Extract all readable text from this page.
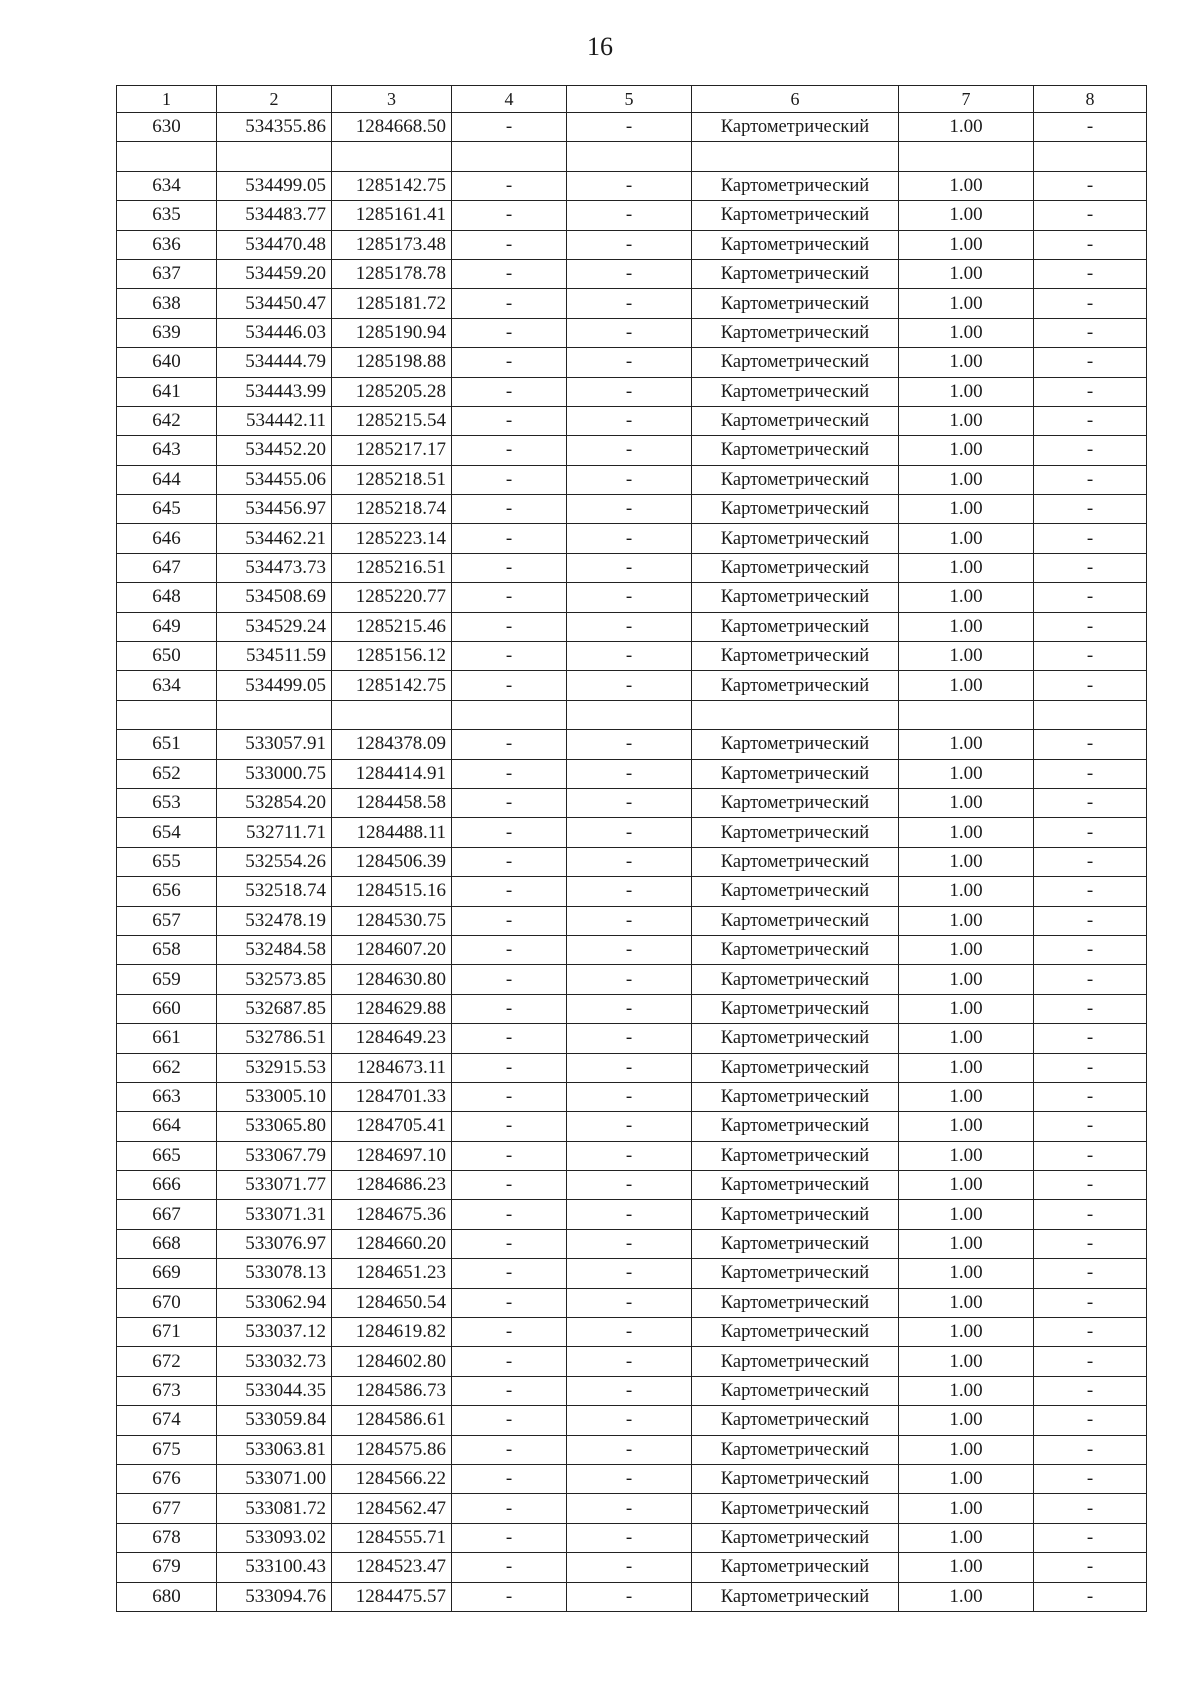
16
1	2	3	4	5	6	7	8
630	534355.86	1284668.50	-	-	Картометрический	1.00	-

634	534499.05	1285142.75	-	-	Картометрический	1.00	-
635	534483.77	1285161.41	-	-	Картометрический	1.00	-
636	534470.48	1285173.48	-	-	Картометрический	1.00	-
637	534459.20	1285178.78	-	-	Картометрический	1.00	-
638	534450.47	1285181.72	-	-	Картометрический	1.00	-
639	534446.03	1285190.94	-	-	Картометрический	1.00	-
640	534444.79	1285198.88	-	-	Картометрический	1.00	-
641	534443.99	1285205.28	-	-	Картометрический	1.00	-
642	534442.11	1285215.54	-	-	Картометрический	1.00	-
643	534452.20	1285217.17	-	-	Картометрический	1.00	-
644	534455.06	1285218.51	-	-	Картометрический	1.00	-
645	534456.97	1285218.74	-	-	Картометрический	1.00	-
646	534462.21	1285223.14	-	-	Картометрический	1.00	-
647	534473.73	1285216.51	-	-	Картометрический	1.00	-
648	534508.69	1285220.77	-	-	Картометрический	1.00	-
649	534529.24	1285215.46	-	-	Картометрический	1.00	-
650	534511.59	1285156.12	-	-	Картометрический	1.00	-
634	534499.05	1285142.75	-	-	Картометрический	1.00	-

651	533057.91	1284378.09	-	-	Картометрический	1.00	-
652	533000.75	1284414.91	-	-	Картометрический	1.00	-
653	532854.20	1284458.58	-	-	Картометрический	1.00	-
654	532711.71	1284488.11	-	-	Картометрический	1.00	-
655	532554.26	1284506.39	-	-	Картометрический	1.00	-
656	532518.74	1284515.16	-	-	Картометрический	1.00	-
657	532478.19	1284530.75	-	-	Картометрический	1.00	-
658	532484.58	1284607.20	-	-	Картометрический	1.00	-
659	532573.85	1284630.80	-	-	Картометрический	1.00	-
660	532687.85	1284629.88	-	-	Картометрический	1.00	-
661	532786.51	1284649.23	-	-	Картометрический	1.00	-
662	532915.53	1284673.11	-	-	Картометрический	1.00	-
663	533005.10	1284701.33	-	-	Картометрический	1.00	-
664	533065.80	1284705.41	-	-	Картометрический	1.00	-
665	533067.79	1284697.10	-	-	Картометрический	1.00	-
666	533071.77	1284686.23	-	-	Картометрический	1.00	-
667	533071.31	1284675.36	-	-	Картометрический	1.00	-
668	533076.97	1284660.20	-	-	Картометрический	1.00	-
669	533078.13	1284651.23	-	-	Картометрический	1.00	-
670	533062.94	1284650.54	-	-	Картометрический	1.00	-
671	533037.12	1284619.82	-	-	Картометрический	1.00	-
672	533032.73	1284602.80	-	-	Картометрический	1.00	-
673	533044.35	1284586.73	-	-	Картометрический	1.00	-
674	533059.84	1284586.61	-	-	Картометрический	1.00	-
675	533063.81	1284575.86	-	-	Картометрический	1.00	-
676	533071.00	1284566.22	-	-	Картометрический	1.00	-
677	533081.72	1284562.47	-	-	Картометрический	1.00	-
678	533093.02	1284555.71	-	-	Картометрический	1.00	-
679	533100.43	1284523.47	-	-	Картометрический	1.00	-
680	533094.76	1284475.57	-	-	Картометрический	1.00	-
